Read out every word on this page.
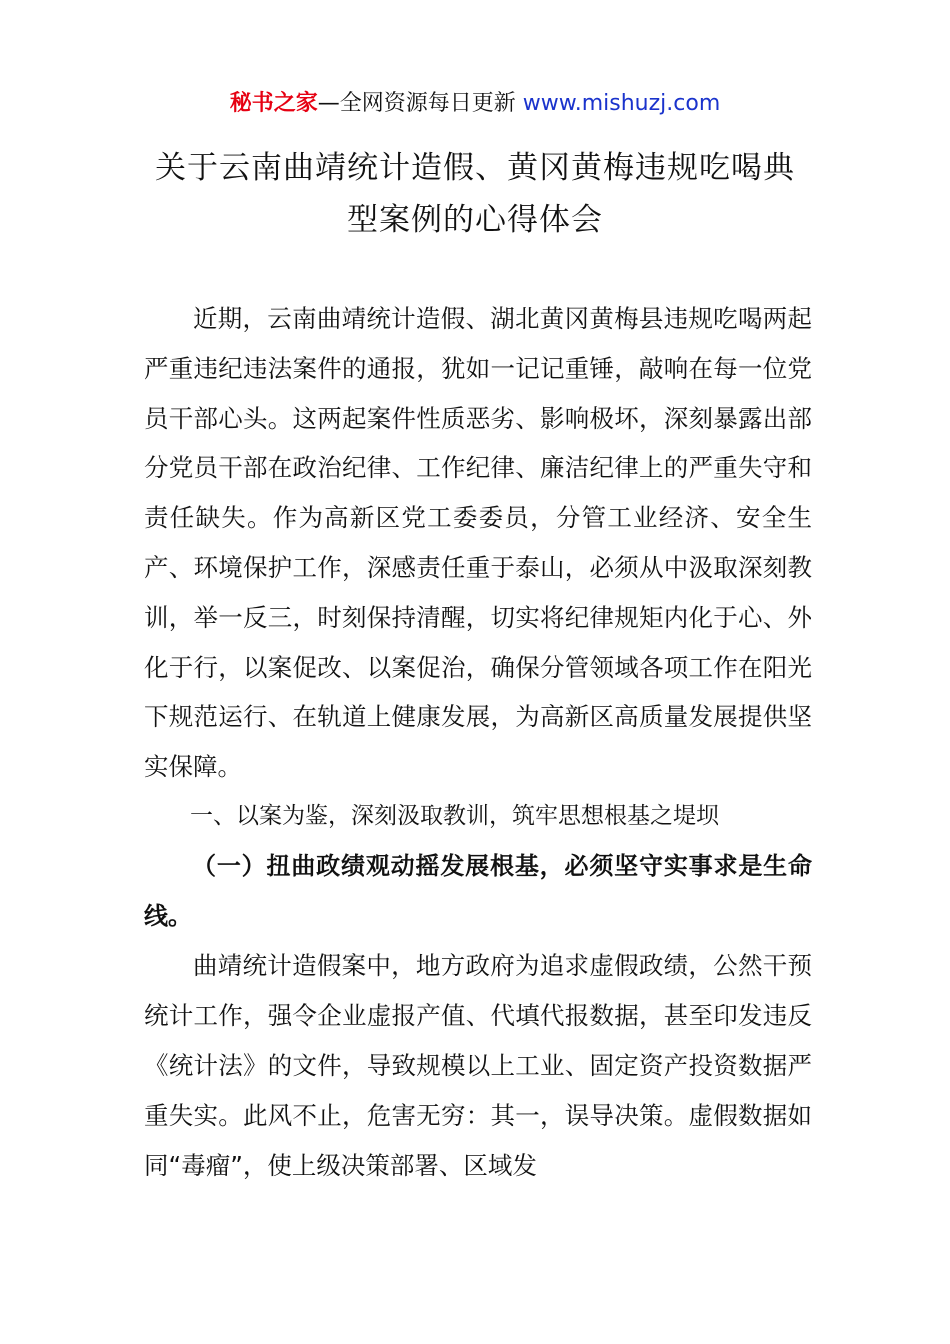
秘书之家—全网资源每日更新 www.mishuzj.com
关于云南曲靖统计造假、黄冈黄梅违规吃喝典
型案例的心得体会

近期，云南曲靖统计造假、湖北黄冈黄梅县违规吃喝两起严重违纪违法案件的通报，犹如一记记重锤，敲响在每一位党员干部心头。这两起案件性质恶劣、影响极坏，深刻暴露出部分党员干部在政治纪律、工作纪律、廉洁纪律上的严重失守和责任缺失。作为高新区党工委委员，分管工业经济、安全生产、环境保护工作，深感责任重于泰山，必须从中汲取深刻教训，举一反三，时刻保持清醒，切实将纪律规矩内化于心、外化于行，以案促改、以案促治，确保分管领域各项工作在阳光下规范运行、在轨道上健康发展，为高新区高质量发展提供坚实保障。

一、以案为鉴，深刻汲取教训，筑牢思想根基之堤坝

（一）扭曲政绩观动摇发展根基，必须坚守实事求是生命线。

曲靖统计造假案中，地方政府为追求虚假政绩，公然干预统计工作，强令企业虚报产值、代填代报数据，甚至印发违反《统计法》的文件，导致规模以上工业、固定资产投资数据严重失实。此风不止，危害无穷：其一，误导决策。虚假数据如同“毒瘤”，使上级决策部署、区域发
